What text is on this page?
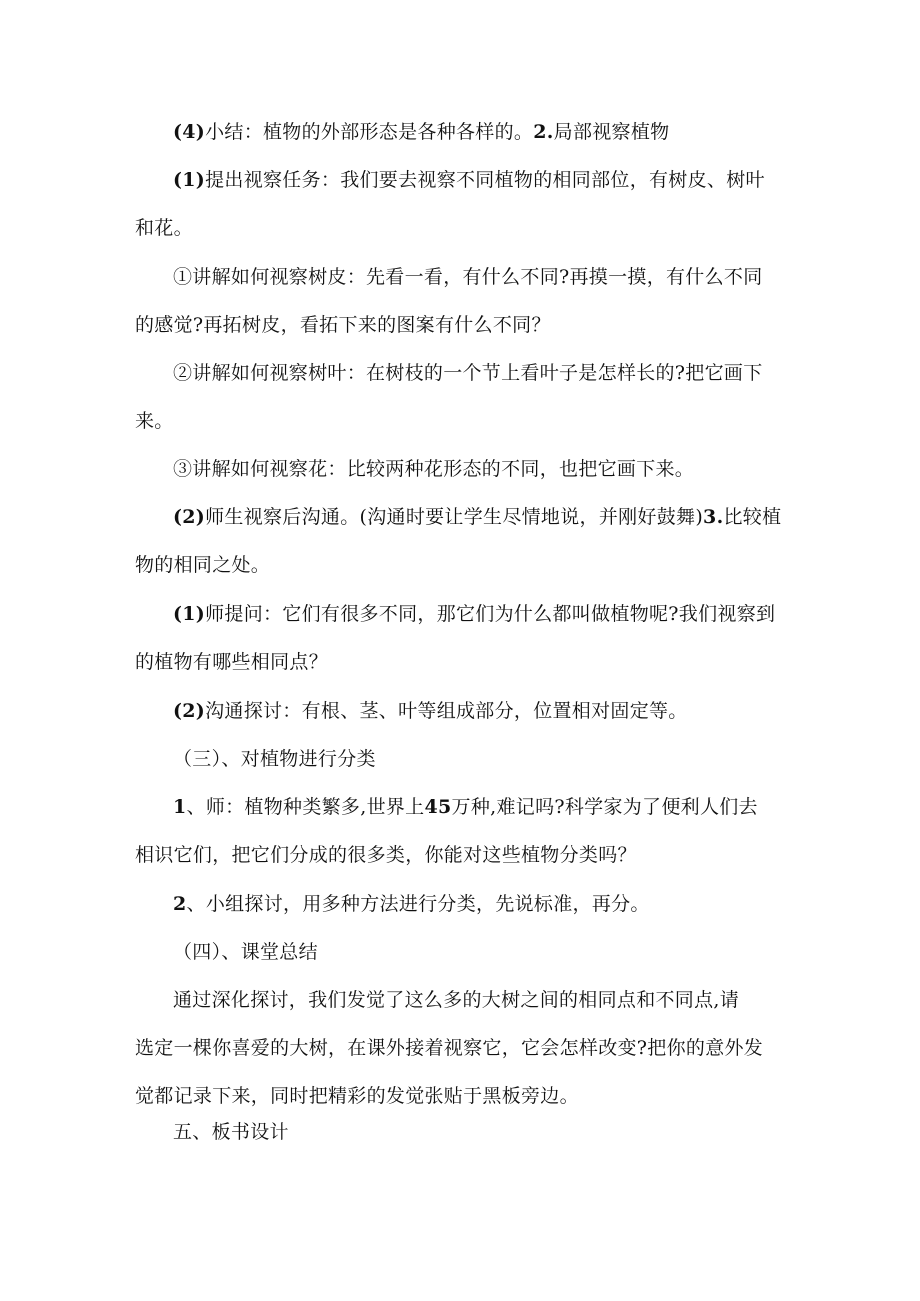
(4)小结：植物的外部形态是各种各样的。2.局部视察植物

(1)提出视察任务：我们要去视察不同植物的相同部位，有树皮、树叶
和花。

①讲解如何视察树皮：先看一看，有什么不同?再摸一摸，有什么不同
的感觉?再拓树皮，看拓下来的图案有什么不同？

②讲解如何视察树叶：在树枝的一个节上看叶子是怎样长的?把它画下
来。

③讲解如何视察花：比较两种花形态的不同，也把它画下来。

(2)师生视察后沟通。(沟通时要让学生尽情地说，并刚好鼓舞)3.比较植
物的相同之处。

(1)师提问：它们有很多不同，那它们为什么都叫做植物呢?我们视察到
的植物有哪些相同点？

(2)沟通探讨：有根、茎、叶等组成部分，位置相对固定等。

（三）、对植物进行分类

1、师：植物种类繁多,世界上45万种,难记吗?科学家为了便利人们去
相识它们，把它们分成的很多类，你能对这些植物分类吗？

2、小组探讨，用多种方法进行分类，先说标准，再分。

（四）、课堂总结

通过深化探讨，我们发觉了这么多的大树之间的相同点和不同点,请
选定一棵你喜爱的大树，在课外接着视察它，它会怎样改变?把你的意外发
觉都记录下来，同时把精彩的发觉张贴于黑板旁边。

五、板书设计
